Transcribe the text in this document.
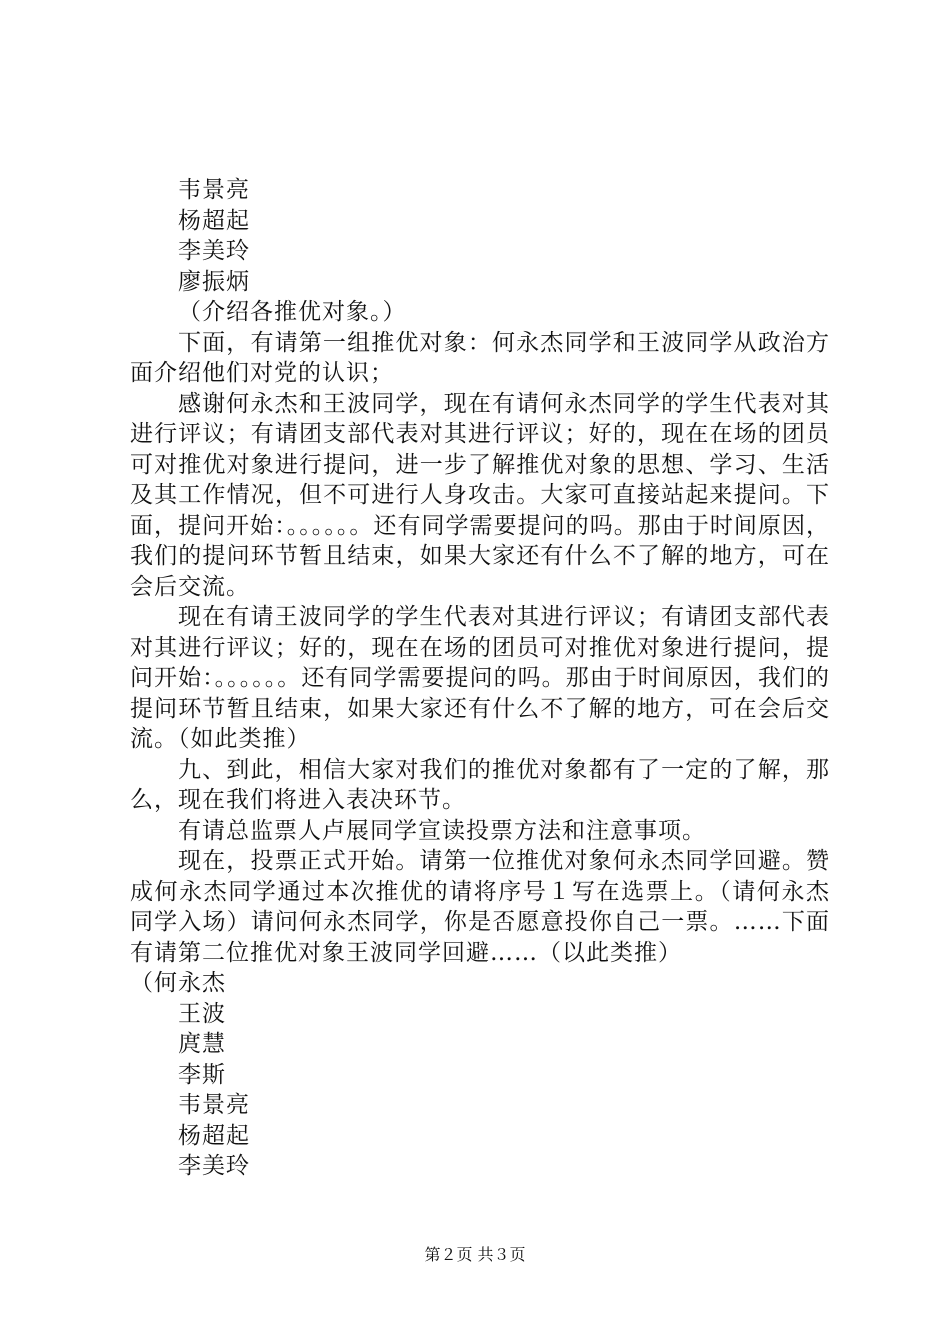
韦景亮
杨超起
李美玲
廖振炳
（介绍各推优对象。）

下面，有请第一组推优对象：何永杰同学和王波同学从政治方面介绍他们对党的认识；

感谢何永杰和王波同学，现在有请何永杰同学的学生代表对其进行评议；有请团支部代表对其进行评议；好的，现在在场的团员可对推优对象进行提问，进一步了解推优对象的思想、学习、生活及其工作情况，但不可进行人身攻击。大家可直接站起来提问。下面，提问开始：。。。。。。还有同学需要提问的吗。那由于时间原因，我们的提问环节暂且结束，如果大家还有什么不了解的地方，可在会后交流。

现在有请王波同学的学生代表对其进行评议；有请团支部代表对其进行评议；好的，现在在场的团员可对推优对象进行提问，提问开始：。。。。。。还有同学需要提问的吗。那由于时间原因，我们的提问环节暂且结束，如果大家还有什么不了解的地方，可在会后交流。（如此类推）

九、到此，相信大家对我们的推优对象都有了一定的了解，那么，现在我们将进入表决环节。

有请总监票人卢展同学宣读投票方法和注意事项。

现在，投票正式开始。请第一位推优对象何永杰同学回避。赞成何永杰同学通过本次推优的请将序号１写在选票上。（请何永杰同学入场）请问何永杰同学，你是否愿意投你自己一票。……下面有请第二位推优对象王波同学回避……（以此类推）

（何永杰
王波
庹慧
李斯
韦景亮
杨超起
李美玲
第２页 共３页
